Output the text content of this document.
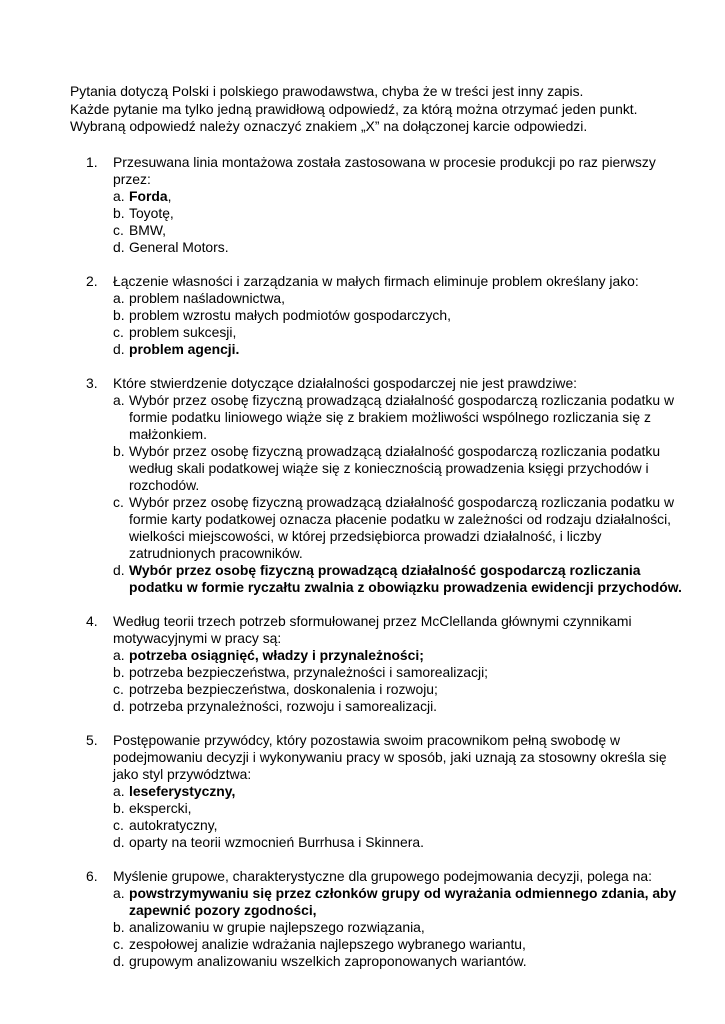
Pytania dotyczą Polski i polskiego prawodawstwa, chyba że w treści jest inny zapis.

Każde pytanie ma tylko jedną prawidłową odpowiedź, za którą można otrzymać jeden punkt.

Wybraną odpowiedź należy oznaczyć znakiem „X” na dołączonej karcie odpowiedzi.

1. Przesuwana linia montażowa została zastosowana w procesie produkcji po raz pierwszy przez:

a. Forda,
b. Toyotę,
c. BMW,
d. General Motors.
2. Łączenie własności i zarządzania w małych firmach eliminuje problem określany jako:

a. problem naśladownictwa,
b. problem wzrostu małych podmiotów gospodarczych,
c. problem sukcesji,
d. problem agencji.
3. Które stwierdzenie dotyczące działalności gospodarczej nie jest prawdziwe:

a. Wybór przez osobę fizyczną prowadzącą działalność gospodarczą rozliczania podatku w formie podatku liniowego wiąże się z brakiem możliwości wspólnego rozliczania się z małżonkiem.
b. Wybór przez osobę fizyczną prowadzącą działalność gospodarczą rozliczania podatku według skali podatkowej wiąże się z koniecznością prowadzenia księgi przychodów i rozchodów.
c. Wybór przez osobę fizyczną prowadzącą działalność gospodarczą rozliczania podatku w formie karty podatkowej oznacza płacenie podatku w zależności od rodzaju działalności, wielkości miejscowości, w której przedsiębiorca prowadzi działalność, i liczby zatrudnionych pracowników.
d. Wybór przez osobę fizyczną prowadzącą działalność gospodarczą rozliczania podatku w formie ryczałtu zwalnia z obowiązku prowadzenia ewidencji przychodów.
4. Według teorii trzech potrzeb sformułowanej przez McClellanda głównymi czynnikami motywacyjnymi w pracy są:

a. potrzeba osiągnięć, władzy i przynależności;
b. potrzeba bezpieczeństwa, przynależności i samorealizacji;
c. potrzeba bezpieczeństwa, doskonalenia i rozwoju;
d. potrzeba przynależności, rozwoju i samorealizacji.
5. Postępowanie przywódcy, który pozostawia swoim pracownikom pełną swobodę w podejmowaniu decyzji i wykonywaniu pracy w sposób, jaki uznają za stosowny określa się jako styl przywództwa:

a. leseferystyczny,
b. ekspercki,
c. autokratyczny,
d. oparty na teorii wzmocnień Burrhusa i Skinnera.
6. Myślenie grupowe, charakterystyczne dla grupowego podejmowania decyzji, polega na:

a. powstrzymywaniu się przez członków grupy od wyrażania odmiennego zdania, aby zapewnić pozory zgodności,
b. analizowaniu w grupie najlepszego rozwiązania,
c. zespołowej analizie wdrażania najlepszego wybranego wariantu,
d. grupowym analizowaniu wszelkich zaproponowanych wariantów.
